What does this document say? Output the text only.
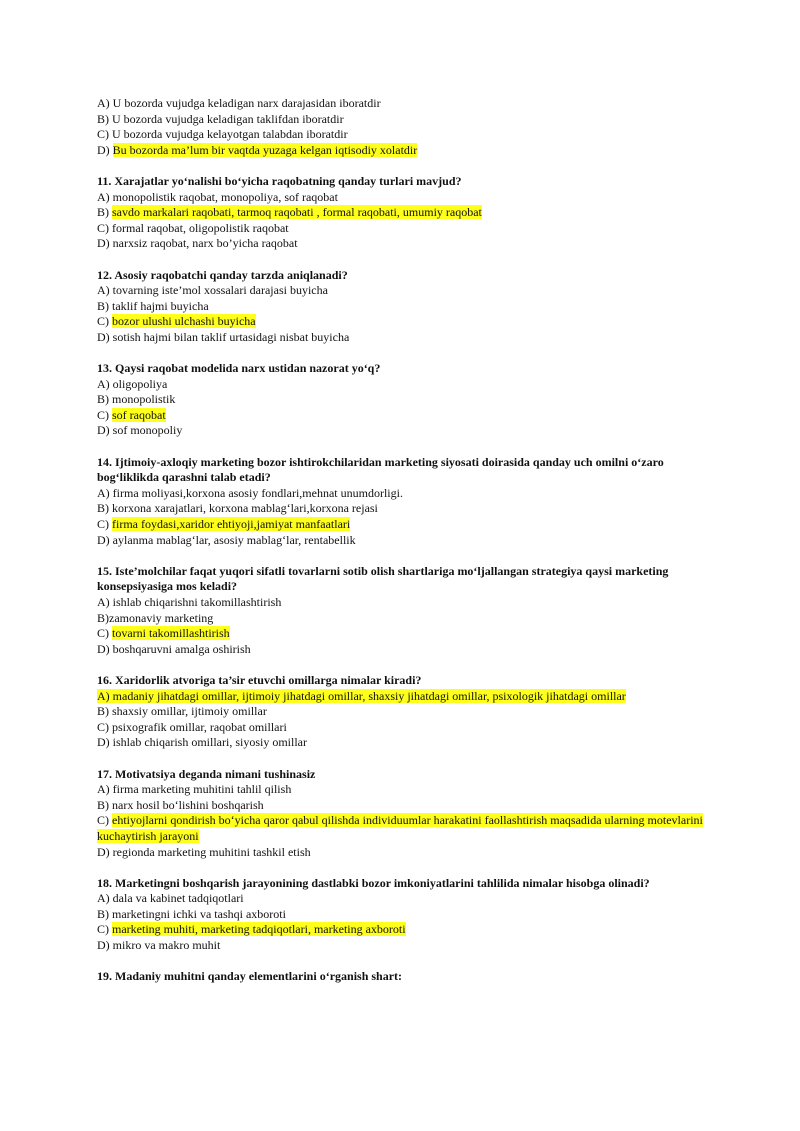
A) U bozorda vujudga keladigan narx darajasidan iboratdir
B) U bozorda vujudga keladigan taklifdan iboratdir
C) U bozorda vujudga kelayotgan talabdan iboratdir
D) Bu bozorda ma’lum bir vaqtda yuzaga kelgan iqtisodiy xolatdir
11. Xarajatlar yo‘nalishi bo‘yicha raqobatning qanday turlari mavjud?
A) monopolistik raqobat, monopoliya, sof raqobat
B) savdo markalari raqobati, tarmoq raqobati , formal raqobati, umumiy raqobat
C) formal raqobat, oligopolistik raqobat
D) narxsiz raqobat, narx bo’yicha raqobat
12. Asosiy raqobatchi qanday tarzda aniqlanadi?
A) tovarning iste’mol xossalari darajasi buyicha
B) taklif hajmi buyicha
C) bozor ulushi ulchashi buyicha
D) sotish hajmi bilan taklif urtasidagi nisbat buyicha
13. Qaysi raqobat modelida narx ustidan nazorat yo‘q?
A) oligopoliya
B) monopolistik
C) sof raqobat
D) sof monopoliy
14. Ijtimoiy-axloqiy marketing bozor ishtirokchilaridan marketing siyosati doirasida qanday uch omilni o‘zaro bog‘liklikda qarashni talab etadi?
A) firma moliyasi,korxona asosiy fondlari,mehnat unumdorligi.
B) korxona xarajatlari, korxona mablag‘lari,korxona rejasi
C) firma foydasi,xaridor ehtiyoji,jamiyat manfaatlari
D) aylanma mablag‘lar, asosiy mablag‘lar, rentabellik
15. Iste’molchilar faqat yuqori sifatli tovarlarni sotib olish shartlariga mo‘ljallangan strategiya qaysi marketing konsepsiyasiga mos keladi?
A) ishlab chiqarishni takomillashtirish
B)zamonaviy marketing
C) tovarni takomillashtirish
D) boshqaruvni amalga oshirish
16. Xaridorlik atvoriga ta’sir etuvchi omillarga nimalar kiradi?
A) madaniy jihatdagi omillar, ijtimoiy jihatdagi omillar, shaxsiy jihatdagi omillar, psixologik jihatdagi omillar
B) shaxsiy omillar, ijtimoiy omillar
C) psixografik omillar, raqobat omillari
D) ishlab chiqarish omillari, siyosiy omillar
17. Motivatsiya deganda nimani tushinasiz
A) firma marketing muhitini tahlil qilish
B) narx hosil bo‘lishini boshqarish
C) ehtiyojlarni qondirish bo‘yicha qaror qabul qilishda individuumlar harakatini faollashtirish maqsadida ularning motevlarini kuchaytirish jarayoni
D) regionda marketing muhitini tashkil etish
18. Marketingni boshqarish jarayonining dastlabki bozor imkoniyatlarini tahlilida nimalar hisobga olinadi?
A) dala va kabinet tadqiqotlari
B) marketingni ichki va tashqi axboroti
C) marketing muhiti, marketing tadqiqotlari, marketing axboroti
D) mikro va makro muhit
19. Madaniy muhitni qanday elementlarini o‘rganish shart:
